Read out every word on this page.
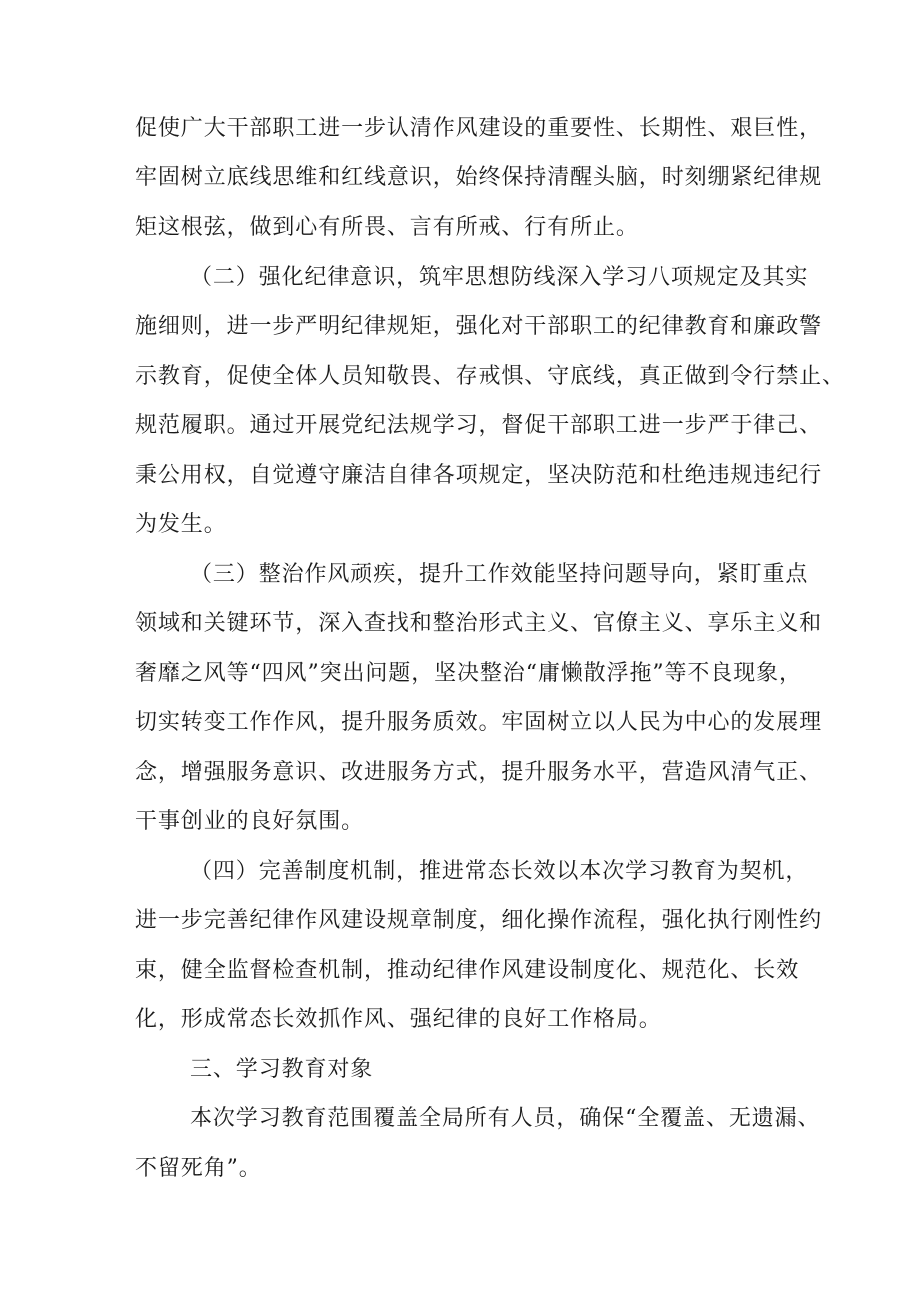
促使广大干部职工进一步认清作风建设的重要性、长期性、艰巨性，
牢固树立底线思维和红线意识，始终保持清醒头脑，时刻绷紧纪律规
矩这根弦，做到心有所畏、言有所戒、行有所止。
（二）强化纪律意识，筑牢思想防线深入学习八项规定及其实
施细则，进一步严明纪律规矩，强化对干部职工的纪律教育和廉政警
示教育，促使全体人员知敬畏、存戒惧、守底线，真正做到令行禁止、
规范履职。通过开展党纪法规学习，督促干部职工进一步严于律己、
秉公用权，自觉遵守廉洁自律各项规定，坚决防范和杜绝违规违纪行
为发生。
（三）整治作风顽疾，提升工作效能坚持问题导向，紧盯重点
领域和关键环节，深入查找和整治形式主义、官僚主义、享乐主义和
奢靡之风等“四风”突出问题，坚决整治“庸懒散浮拖”等不良现象，
切实转变工作作风，提升服务质效。牢固树立以人民为中心的发展理
念，增强服务意识、改进服务方式，提升服务水平，营造风清气正、
干事创业的良好氛围。
（四）完善制度机制，推进常态长效以本次学习教育为契机，
进一步完善纪律作风建设规章制度，细化操作流程，强化执行刚性约
束，健全监督检查机制，推动纪律作风建设制度化、规范化、长效
化，形成常态长效抓作风、强纪律的良好工作格局。
三、学习教育对象
本次学习教育范围覆盖全局所有人员，确保“全覆盖、无遗漏、
不留死角”。
